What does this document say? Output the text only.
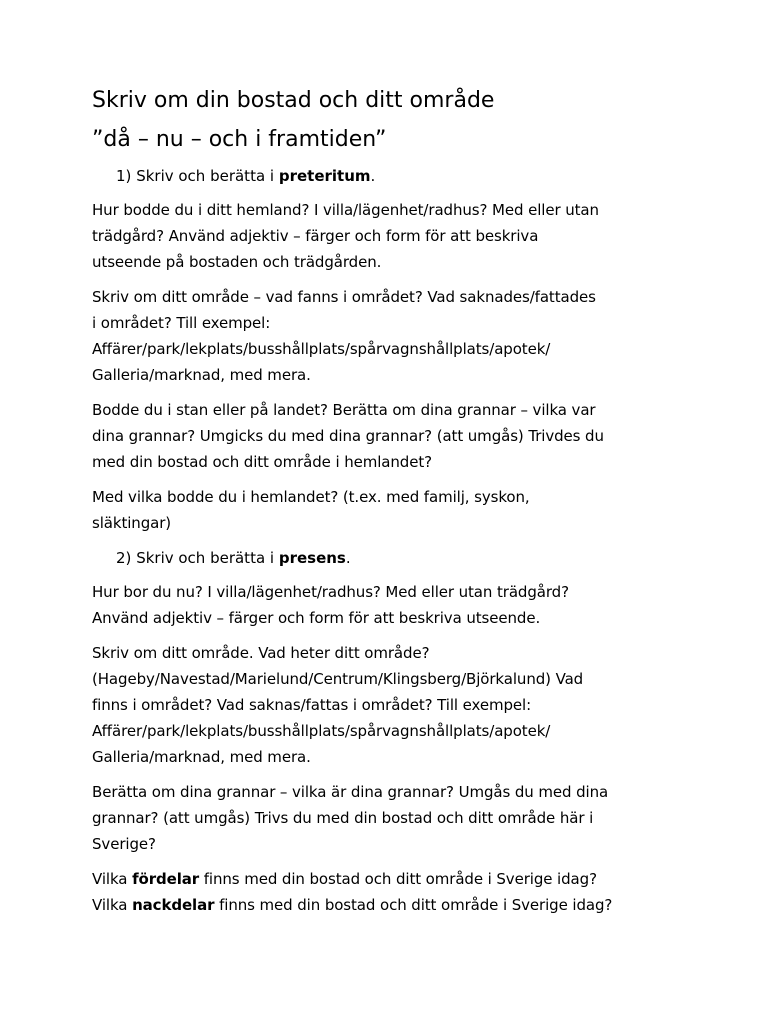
Skriv om din bostad och ditt område
”då – nu – och i framtiden”
1) Skriv och berätta i preteritum.
Hur bodde du i ditt hemland? I villa/lägenhet/radhus? Med eller utan
trädgård? Använd adjektiv – färger och form för att beskriva
utseende på bostaden och trädgården.
Skriv om ditt område – vad fanns i området? Vad saknades/fattades
i området? Till exempel:
Affärer/park/lekplats/busshållplats/spårvagnshållplats/apotek/
Galleria/marknad, med mera.
Bodde du i stan eller på landet? Berätta om dina grannar – vilka var
dina grannar? Umgicks du med dina grannar? (att umgås) Trivdes du
med din bostad och ditt område i hemlandet?
Med vilka bodde du i hemlandet? (t.ex. med familj, syskon,
släktingar)
2) Skriv och berätta i presens.
Hur bor du nu? I villa/lägenhet/radhus? Med eller utan trädgård?
Använd adjektiv – färger och form för att beskriva utseende.
Skriv om ditt område. Vad heter ditt område?
(Hageby/Navestad/Marielund/Centrum/Klingsberg/Björkalund) Vad
finns i området? Vad saknas/fattas i området? Till exempel:
Affärer/park/lekplats/busshållplats/spårvagnshållplats/apotek/
Galleria/marknad, med mera.
Berätta om dina grannar – vilka är dina grannar? Umgås du med dina
grannar? (att umgås) Trivs du med din bostad och ditt område här i
Sverige?
Vilka fördelar finns med din bostad och ditt område i Sverige idag?
Vilka nackdelar finns med din bostad och ditt område i Sverige idag?
